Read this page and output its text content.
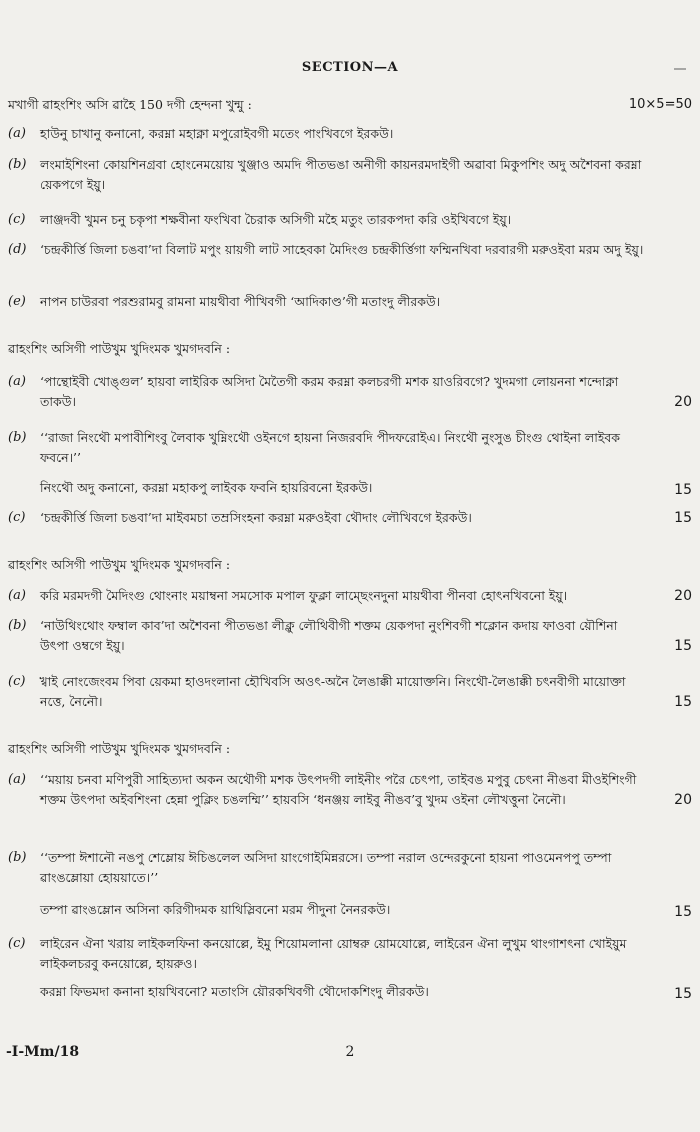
SECTION—A
মখাগী ৱাহংশিং অসি ৱাহৈ 150 দগী হেন্দনা খুন্মু :	10×5=50
(a) হাউনু চাখানু কনানো, করম্না মহাক্না মপুরোইবগী মতেং পাংখিবগে ইরকউ।
(b) লংমাইশিংনা কোয়শিনগ্রবা হোংনেময়োয় খুঞ্জাও অমদি পীতভঙা অনীগী কায়নরমদাইগী অৱাবা মিকুপশিং অদু অশৈবনা করম্না য়েকপগে ইয়ু।
(c) লাঞ্জদবী খুমন চনু চকৃপা শক্ষবীনা ফংখিবা চৈরাক অসিগী মহৈ মতুং তারকপদা করি ওইখিবগে ইয়ু।
(d) ‘চন্দ্রকীর্ত্তি জিলা চঙবা’দা বিলাট মপুং য়ায়গী লাট সাহেবকা মৈদিংগু চন্দ্রকীর্ত্তিগা ফম্মিনখিবা দরবারগী মরুওইবা মরম অদু ইয়ু।
(e) নাপন চাউরবা পরশুরামবু রামনা মায়থীবা পীখিবগী ‘আদিকাণ্ড’গী মতাংদু লীরকউ।
ৱাহংশিং অসিগী পাউখুম খুদিংমক খুমগদবনি :
(a) ‘পান্থোইবী খোঙ্গুল’ হায়বা লাইরিক অসিদা মৈতৈগী করম করম্না কলচরগী মশক য়াওরিবগে? খুদমগা লোয়ননা শন্দোক্না তাকউ।	20
(b) ‘‘রাজা নিংথৌ মপাবীশিংবু লৈবাক খুম্নিংথৌ ওইনগে হায়না নিজরবদি পীদফরোইএ। নিংথৌ নুংসুঙ চীংগু থোইনা লাইবক ফবনে।’’
নিংথৌ অদু কনানো, করম্না মহাকপু লাইবক ফবনি হায়রিবনো ইরকউ।	15
(c) ‘চন্দ্রকীর্ত্তি জিলা চঙবা’দা মাইবমচা তম্রসিংহনা করম্না মরুওইবা থৌদাং লৌখিবগে ইরকউ।	15
ৱাহংশিং অসিগী পাউখুম খুদিংমক খুমগদবনি :
(a) করি মরমদগী মৈদিংগু থোংনাং ময়াম্বনা সমসোক মপাল ফুক্লা লাম্ছেংনদুনা মায়থীবা পীনবা হোৎনখিবনো ইয়ু।	20
(b) ‘নাউথিংথোং ফম্বাল কাব’দা অশৈবনা পীতভঙা লীক্লু লৌথিবীগী শক্তম য়েকপদা নুংশিবগী শক্লোন কদায় ফাওবা য়ৌশিনা উৎপা ওম্বগে ইয়ু।	15
(c) খ্বাই নোংজেংবম পিবা য়েকমা হাওদংলানা হৌখিবসি অওৎ-অনৈ লৈঙাক্কী মায়োক্তনি। নিংথৌ-লৈঙাক্কী চৎনবীগী মায়োক্তা নত্তে, নৈনৌ।	15
ৱাহংশিং অসিগী পাউখুম খুদিংমক খুমগদবনি :
(a) ‘‘ময়ায় চনবা মণিপুরী সাহিত্যদা অকন অথৌগী মশক উৎপদগী লাইনীং পরৈ চেৎপা, তাইবঙ মপুবু চেৎনা নীঙবা মীওইশিংগী শক্তম উৎপদা অইবশিংনা হেন্না পুক্লিং চঙলম্মি’’ হায়বসি ‘ধনঞ্জয় লাইবু নীঙব’বু খুদম ওইনা লৌখত্তুনা নৈনৌ।	20
(b) ‘‘তম্পা ঈশানৌ নঙপু শেম্লোয় ঈচিঙলেল অসিদা য়াংগোইমিন্নরসে। তম্পা নরাল ওন্দেরকুনো হায়না পাওমেনপপু তম্পা ৱাংঙম্লোয়া হোয়য়াতে।’’
তম্পা ৱাংঙম্লোন অসিনা করিগীদমক য়াথিস্লিবনো মরম পীদুনা নৈনরকউ।	15
(c) লাইরেন ঐনা খরায় লাইকলফিনা কনয়োল্লে, ইমু শিয়োমলানা য়োম্বরু য়োমযোল্লে, লাইরেন ঐনা লুখুম থাংগাশৎনা খোইয়ুম লাইকলচরবু কনয়োল্লে, হায়রুও।
করম্না ফিভমদা কনানা হায়খিবনো? মতাংসি য়ৌরকখিবগী থৌদোকশিংদু লীরকউ।	15
-I-Ⅿⅿ/18	2
